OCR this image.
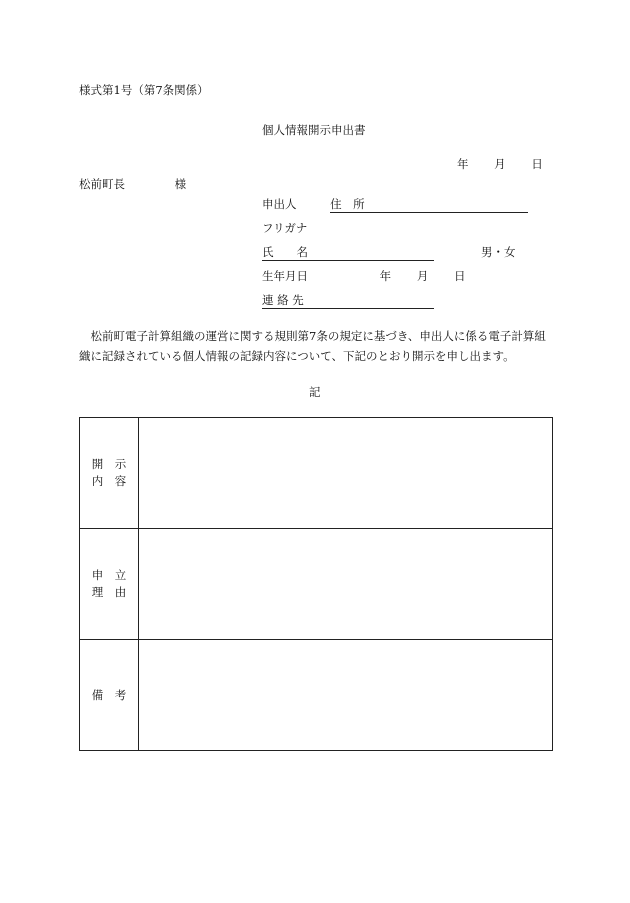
様式第1号（第7条関係）
個人情報開示申出書
年 月 日
松前町長	様
申出人	住　所
フリガナ
氏　　名	男・女
生年月日	年 月 日
連 絡 先
　松前町電子計算組織の運営に関する規則第7条の規定に基づき、申出人に係る電子計算組
織に記録されている個人情報の記録内容について、下記のとおり開示を申し出ます。
記
開　示
内　容	

申　立
理　由	

備　考	
